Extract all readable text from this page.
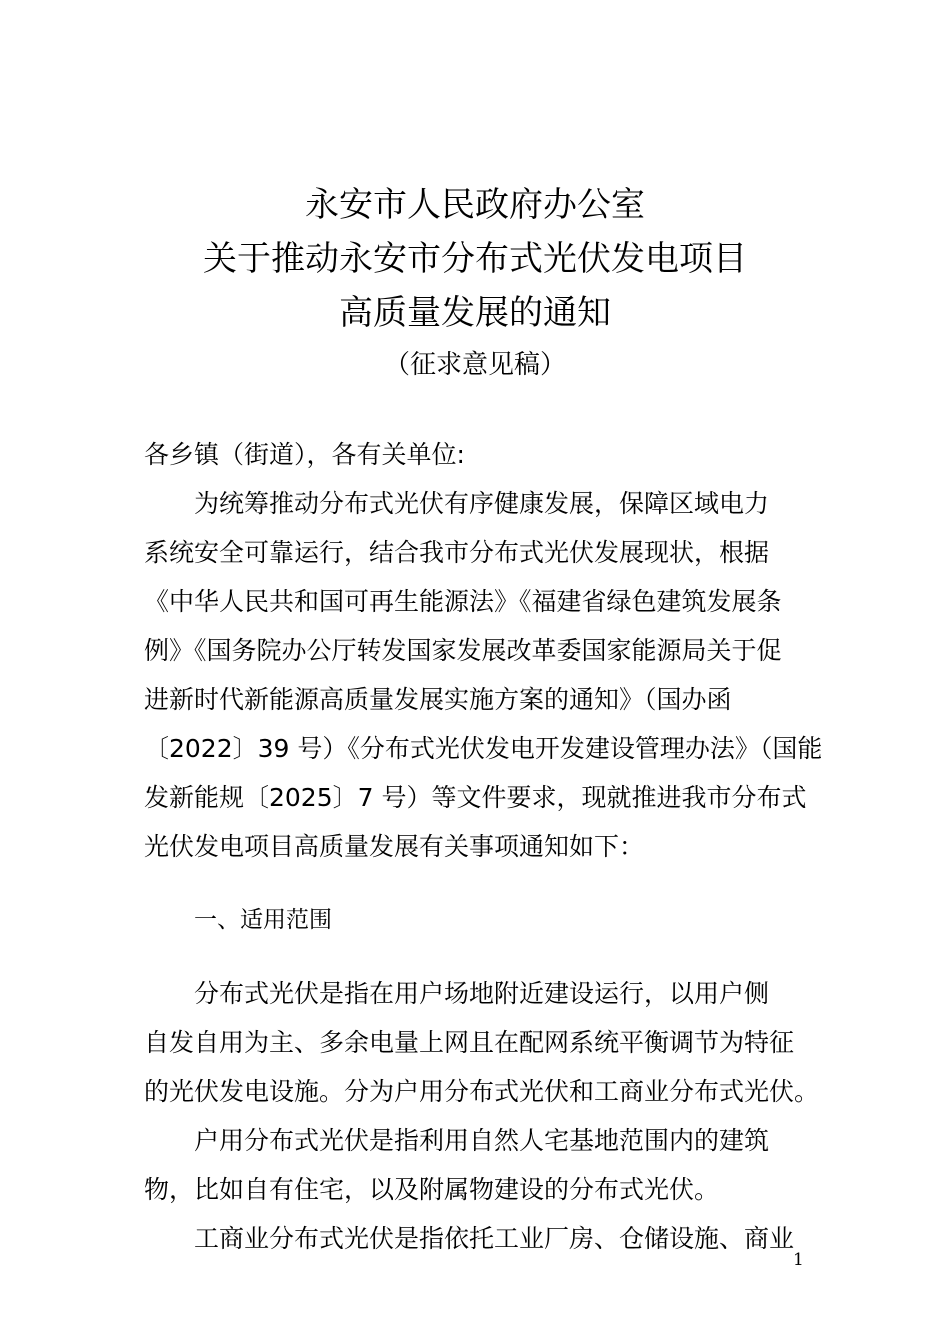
永安市人民政府办公室
关于推动永安市分布式光伏发电项目
高质量发展的通知
（征求意见稿）

各乡镇（街道），各有关单位:

为统筹推动分布式光伏有序健康发展，保障区域电力

系统安全可靠运行，结合我市分布式光伏发展现状，根据

《中华人民共和国可再生能源法》《福建省绿色建筑发展条

例》《国务院办公厅转发国家发展改革委国家能源局关于促

进新时代新能源高质量发展实施方案的通知》（国办函

〔2022〕39 号）《分布式光伏发电开发建设管理办法》（国能

发新能规〔2025〕7 号）等文件要求，现就推进我市分布式

光伏发电项目高质量发展有关事项通知如下：

一、适用范围

分布式光伏是指在用户场地附近建设运行，以用户侧

自发自用为主、多余电量上网且在配网系统平衡调节为特征

的光伏发电设施。分为户用分布式光伏和工商业分布式光伏。

户用分布式光伏是指利用自然人宅基地范围内的建筑

物，比如自有住宅，以及附属物建设的分布式光伏。

工商业分布式光伏是指依托工业厂房、仓储设施、商业

1
